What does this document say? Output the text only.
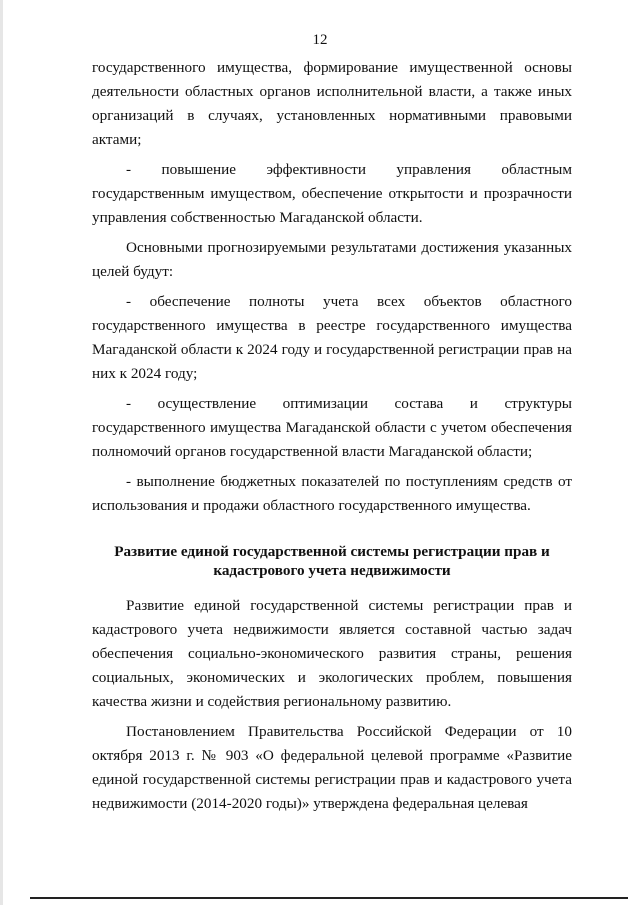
12

государственного имущества, формирование имущественной основы деятельности областных органов исполнительной власти, а также иных организаций в случаях, установленных нормативными правовыми актами;

- повышение эффективности управления областным государственным имуществом, обеспечение открытости и прозрачности управления собственностью Магаданской области.

Основными прогнозируемыми результатами достижения указанных целей будут:

- обеспечение полноты учета всех объектов областного государственного имущества в реестре государственного имущества Магаданской области к 2024 году и государственной регистрации прав на них к 2024 году;

- осуществление оптимизации состава и структуры государственного имущества Магаданской области с учетом обеспечения полномочий органов государственной власти Магаданской области;

- выполнение бюджетных показателей по поступлениям средств от использования и продажи областного государственного имущества.

Развитие единой государственной системы регистрации прав и кадастрового учета недвижимости

Развитие единой государственной системы регистрации прав и кадастрового учета недвижимости является составной частью задач обеспечения социально-экономического развития страны, решения социальных, экономических и экологических проблем, повышения качества жизни и содействия региональному развитию.

Постановлением Правительства Российской Федерации от 10 октября 2013 г. № 903 «О федеральной целевой программе «Развитие единой государственной системы регистрации прав и кадастрового учета недвижимости (2014-2020 годы)» утверждена федеральная целевая
